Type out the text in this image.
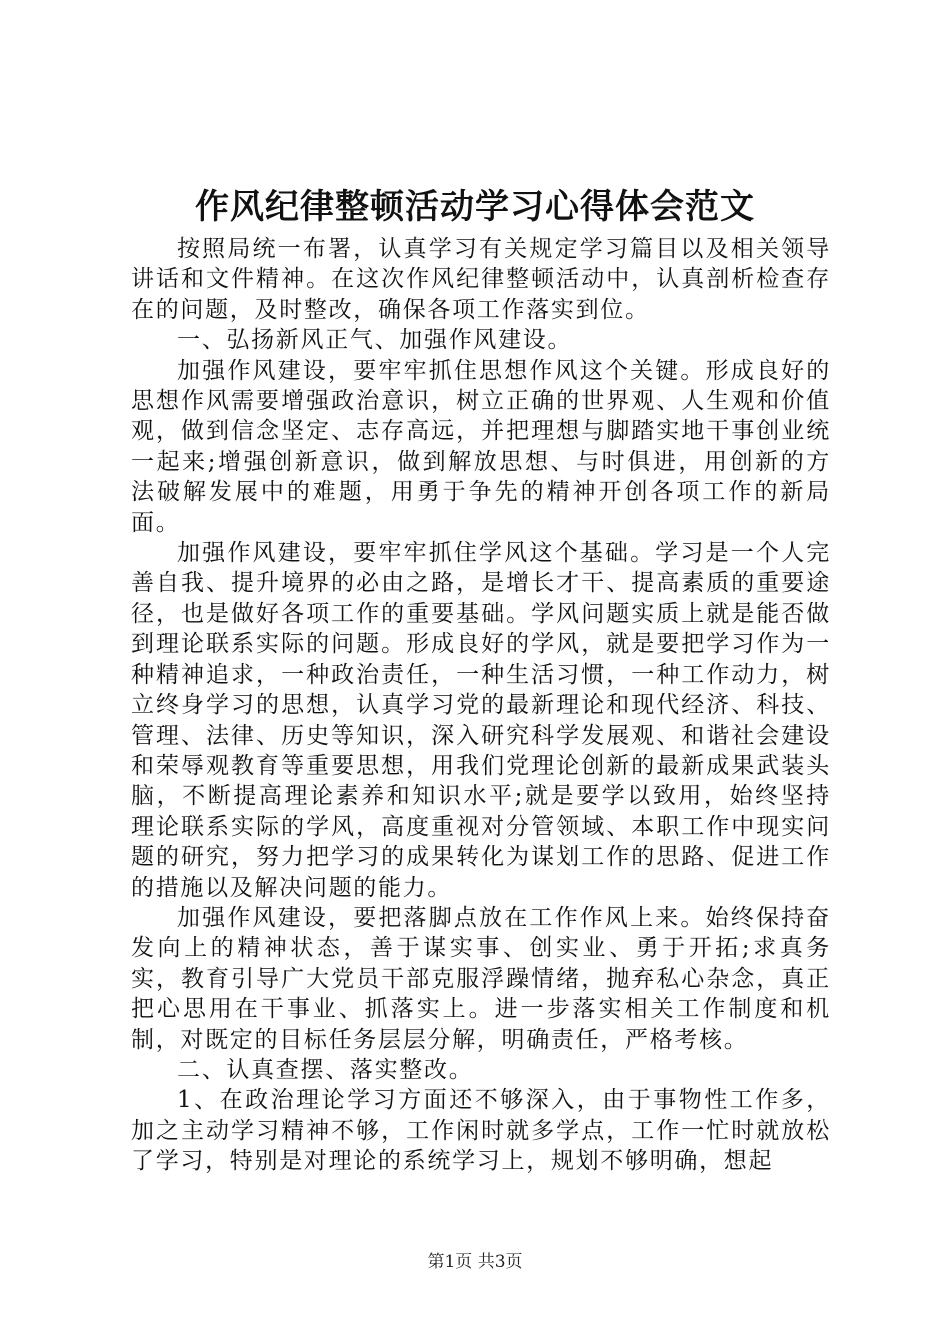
作风纪律整顿活动学习心得体会范文

按照局统一布署，认真学习有关规定学习篇目以及相关领导讲话和文件精神。在这次作风纪律整顿活动中，认真剖析检查存在的问题，及时整改，确保各项工作落实到位。

一、弘扬新风正气、加强作风建设。

加强作风建设，要牢牢抓住思想作风这个关键。形成良好的思想作风需要增强政治意识，树立正确的世界观、人生观和价值观，做到信念坚定、志存高远，并把理想与脚踏实地干事创业统一起来;增强创新意识，做到解放思想、与时俱进，用创新的方法破解发展中的难题，用勇于争先的精神开创各项工作的新局面。

加强作风建设，要牢牢抓住学风这个基础。学习是一个人完善自我、提升境界的必由之路，是增长才干、提高素质的重要途径，也是做好各项工作的重要基础。学风问题实质上就是能否做到理论联系实际的问题。形成良好的学风，就是要把学习作为一种精神追求，一种政治责任，一种生活习惯，一种工作动力，树立终身学习的思想，认真学习党的最新理论和现代经济、科技、管理、法律、历史等知识，深入研究科学发展观、和谐社会建设和荣辱观教育等重要思想，用我们党理论创新的最新成果武装头脑，不断提高理论素养和知识水平;就是要学以致用，始终坚持理论联系实际的学风，高度重视对分管领域、本职工作中现实问题的研究，努力把学习的成果转化为谋划工作的思路、促进工作的措施以及解决问题的能力。

加强作风建设，要把落脚点放在工作作风上来。始终保持奋发向上的精神状态，善于谋实事、创实业、勇于开拓;求真务实，教育引导广大党员干部克服浮躁情绪，抛弃私心杂念，真正把心思用在干事业、抓落实上。进一步落实相关工作制度和机制，对既定的目标任务层层分解，明确责任，严格考核。

二、认真查摆、落实整改。

1、在政治理论学习方面还不够深入，由于事物性工作多，加之主动学习精神不够，工作闲时就多学点，工作一忙时就放松了学习，特别是对理论的系统学习上，规划不够明确，想起

第1页 共3页
